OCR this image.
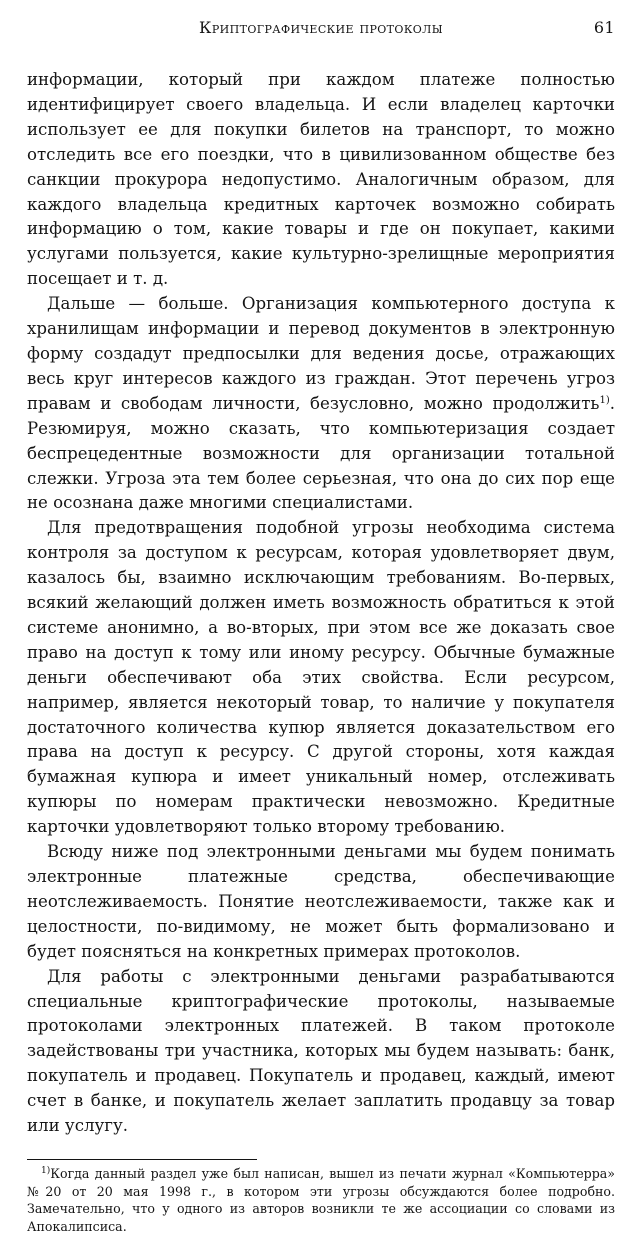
Криптографические протоколы	61

информации, который при каждом платеже полностью идентифицирует своего владельца. И если владелец карточки использует ее для покупки билетов на транспорт, то можно отследить все его поездки, что в цивилизованном обществе без санкции прокурора недопустимо. Аналогичным образом, для каждого владельца кредитных карточек возможно собирать информацию о том, какие товары и где он покупает, какими услугами пользуется, какие культурно-зрелищные мероприятия посещает и т. д.

Дальше — больше. Организация компьютерного доступа к хранилищам информации и перевод документов в электронную форму создадут предпосылки для ведения досье, отражающих весь круг интересов каждого из граждан. Этот перечень угроз правам и свободам личности, безусловно, можно продолжить$^{1)}$. Резюмируя, можно сказать, что компьютеризация создает беспрецедентные возможности для организации тотальной слежки. Угроза эта тем более серьезная, что она до сих пор еще не осознана даже многими специалистами.

Для предотвращения подобной угрозы необходима система контроля за доступом к ресурсам, которая удовлетворяет двум, казалось бы, взаимно исключающим требованиям. Во-первых, всякий желающий должен иметь возможность обратиться к этой системе анонимно, а во-вторых, при этом все же доказать свое право на доступ к тому или иному ресурсу. Обычные бумажные деньги обеспечивают оба этих свойства. Если ресурсом, например, является некоторый товар, то наличие у покупателя достаточного количества купюр является доказательством его права на доступ к ресурсу. С другой стороны, хотя каждая бумажная купюра и имеет уникальный номер, отслеживать купюры по номерам практически невозможно. Кредитные карточки удовлетворяют только второму требованию.

Всюду ниже под электронными деньгами мы будем понимать электронные платежные средства, обеспечивающие неотслеживаемость. Понятие неотслеживаемости, также как и целостности, по-видимому, не может быть формализовано и будет поясняться на конкретных примерах протоколов.

Для работы с электронными деньгами разрабатываются специальные криптографические протоколы, называемые протоколами электронных платежей. В таком протоколе задействованы три участника, которых мы будем называть: банк, покупатель и продавец. Покупатель и продавец, каждый, имеют счет в банке, и покупатель желает заплатить продавцу за товар или услугу.

$^{1)}$Когда данный раздел уже был написан, вышел из печати журнал «Компьютерра» №20 от 20 мая 1998 г., в котором эти угрозы обсуждаются более подробно. Замечательно, что у одного из авторов возникли те же ассоциации со словами из Апокалипсиса.
